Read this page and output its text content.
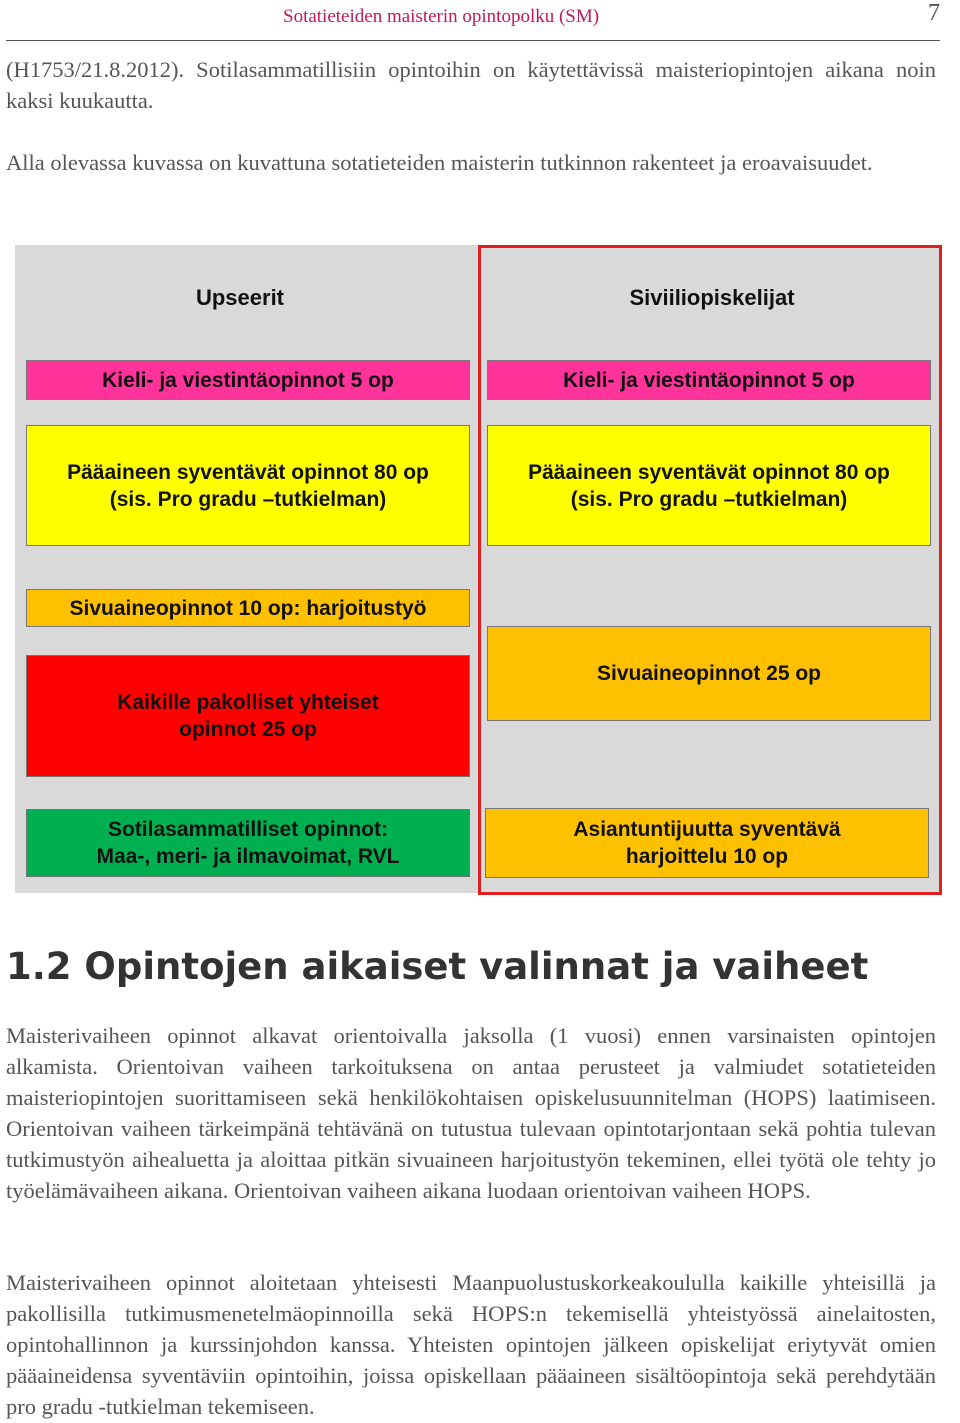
Sotatieteiden maisterin opintopolku (SM)	7

(H1753/21.8.2012). Sotilasammatillisiin opintoihin on käytettävissä maisteriopintojen aikana noin kaksi kuukautta.

Alla olevassa kuvassa on kuvattuna sotatieteiden maisterin tutkinnon rakenteet ja eroavaisuudet.

Upseerit
Kieli- ja viestintäopinnot 5 op
Pääaineen syventävät opinnot 80 op
(sis. Pro gradu –tutkielman)
Sivuaineopinnot 10 op: harjoitustyö
Kaikille pakolliset yhteiset
opinnot 25 op
Sotilasammatilliset opinnot:
Maa-, meri- ja ilmavoimat, RVL
Siviiliopiskelijat
Kieli- ja viestintäopinnot 5 op
Pääaineen syventävät opinnot 80 op
(sis. Pro gradu –tutkielman)
Sivuaineopinnot 25 op
Asiantuntijuutta syventävä
harjoittelu 10 op
1.2 Opintojen aikaiset valinnat ja vaiheet

Maisterivaiheen opinnot alkavat orientoivalla jaksolla (1 vuosi) ennen varsinaisten opintojen alkamista. Orientoivan vaiheen tarkoituksena on antaa perusteet ja valmiudet sotatieteiden maisteriopintojen suorittamiseen sekä henkilökohtaisen opiskelusuunnitelman (HOPS) laatimiseen. Orientoivan vaiheen tärkeimpänä tehtävänä on tutustua tulevaan opintotarjontaan sekä pohtia tulevan tutkimustyön aihealuetta ja aloittaa pitkän sivuaineen harjoitustyön tekeminen, ellei työtä ole tehty jo työelämävaiheen aikana. Orientoivan vaiheen aikana luodaan orientoivan vaiheen HOPS.

Maisterivaiheen opinnot aloitetaan yhteisesti Maanpuolustuskorkeakoululla kaikille yhteisillä ja pakollisilla tutkimusmenetelmäopinnoilla sekä HOPS:n tekemisellä yhteistyössä ainelaitosten, opintohallinnon ja kurssinjohdon kanssa. Yhteisten opintojen jälkeen opiskelijat eriytyvät omien pääaineidensa syventäviin opintoihin, joissa opiskellaan pääaineen sisältöopintoja sekä perehdytään pro gradu -tutkielman tekemiseen.
